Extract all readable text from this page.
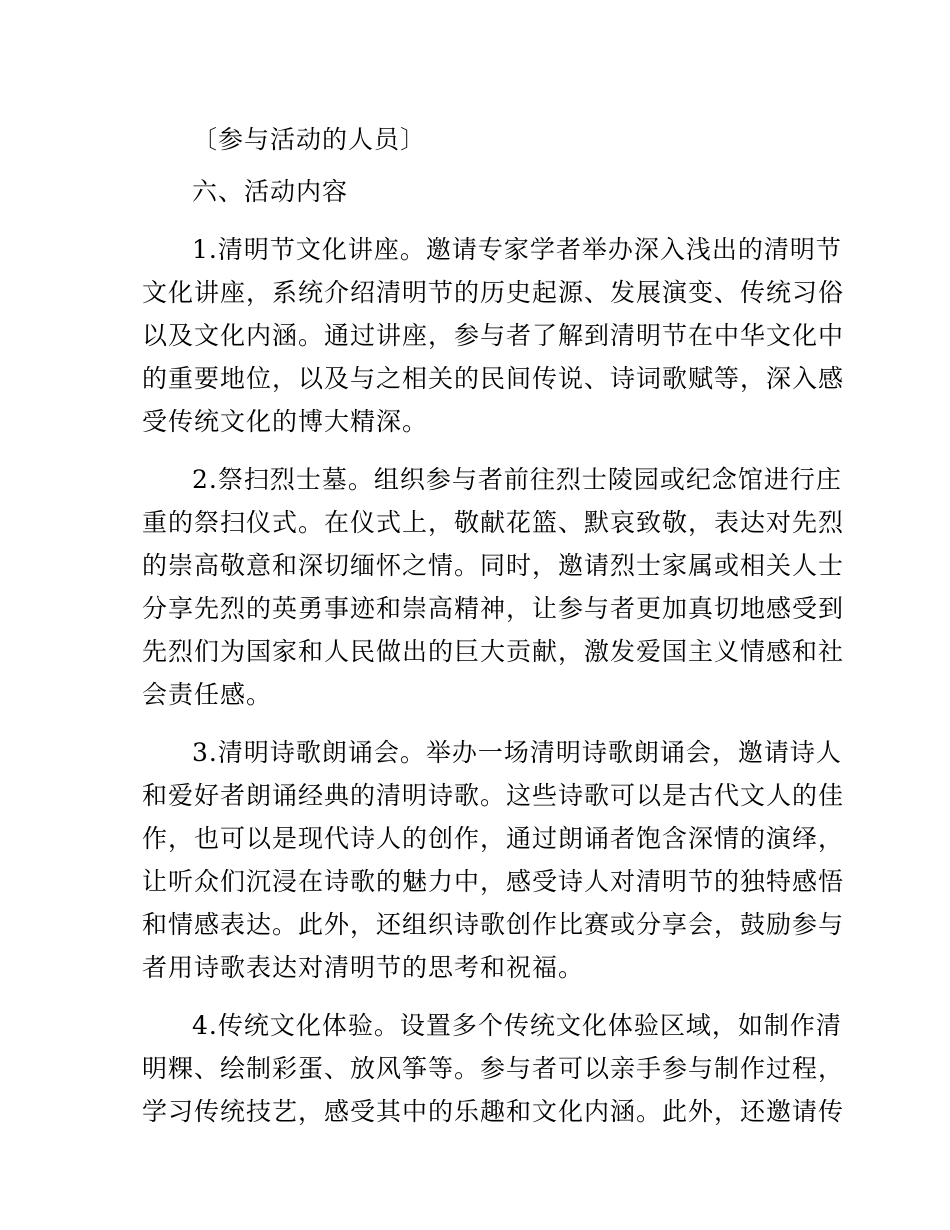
〔参与活动的人员〕
六、活动内容
1.清明节文化讲座。邀请专家学者举办深入浅出的清明节
文化讲座，系统介绍清明节的历史起源、发展演变、传统习俗
以及文化内涵。通过讲座，参与者了解到清明节在中华文化中
的重要地位，以及与之相关的民间传说、诗词歌赋等，深入感
受传统文化的博大精深。
2.祭扫烈士墓。组织参与者前往烈士陵园或纪念馆进行庄
重的祭扫仪式。在仪式上，敬献花篮、默哀致敬，表达对先烈
的崇高敬意和深切缅怀之情。同时，邀请烈士家属或相关人士
分享先烈的英勇事迹和崇高精神，让参与者更加真切地感受到
先烈们为国家和人民做出的巨大贡献，激发爱国主义情感和社
会责任感。
3.清明诗歌朗诵会。举办一场清明诗歌朗诵会，邀请诗人
和爱好者朗诵经典的清明诗歌。这些诗歌可以是古代文人的佳
作，也可以是现代诗人的创作，通过朗诵者饱含深情的演绎，
让听众们沉浸在诗歌的魅力中，感受诗人对清明节的独特感悟
和情感表达。此外，还组织诗歌创作比赛或分享会，鼓励参与
者用诗歌表达对清明节的思考和祝福。
4.传统文化体验。设置多个传统文化体验区域，如制作清
明粿、绘制彩蛋、放风筝等。参与者可以亲手参与制作过程，
学习传统技艺，感受其中的乐趣和文化内涵。此外，还邀请传
